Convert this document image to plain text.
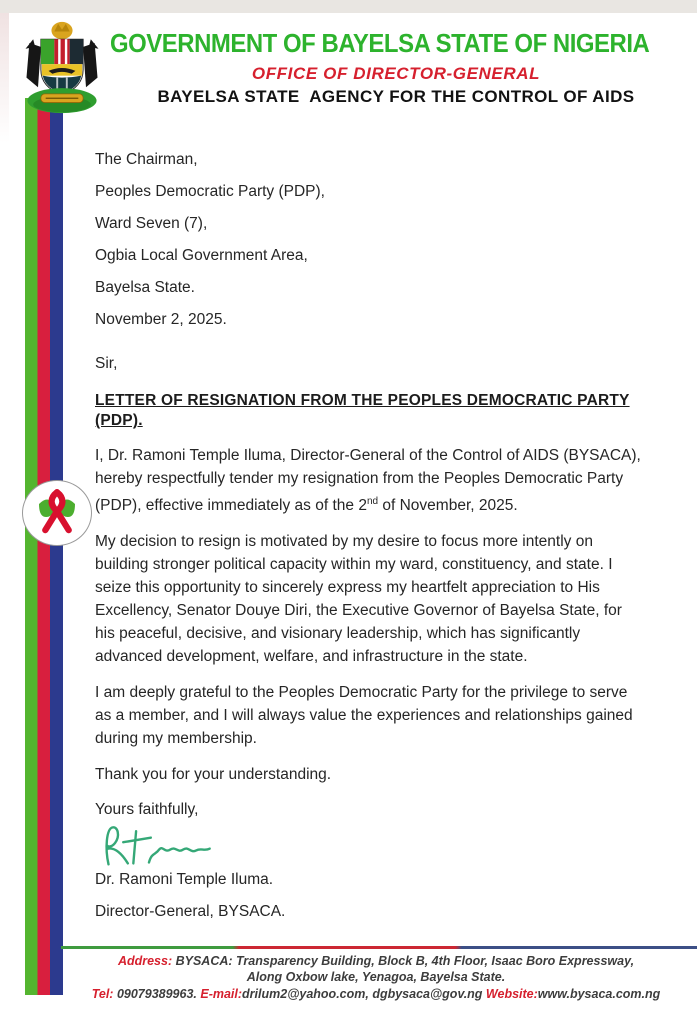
GOVERNMENT OF BAYELSA STATE OF NIGERIA
OFFICE OF DIRECTOR-GENERAL
BAYELSA STATE  AGENCY FOR THE CONTROL OF AIDS
The Chairman,
Peoples Democratic Party (PDP),
Ward Seven (7),
Ogbia Local Government Area,
Bayelsa State.
November 2, 2025.
Sir,
LETTER OF RESIGNATION FROM THE PEOPLES DEMOCRATIC PARTY (PDP).
I, Dr. Ramoni Temple Iluma, Director-General of the Control of AIDS (BYSACA), hereby respectfully tender my resignation from the Peoples Democratic Party (PDP), effective immediately as of the 2nd of November, 2025.
My decision to resign is motivated by my desire to focus more intently on building stronger political capacity within my ward, constituency, and state. I seize this opportunity to sincerely express my heartfelt appreciation to His Excellency, Senator Douye Diri, the Executive Governor of Bayelsa State, for his peaceful, decisive, and visionary leadership, which has significantly advanced development, welfare, and infrastructure in the state.
I am deeply grateful to the Peoples Democratic Party for the privilege to serve as a member, and I will always value the experiences and relationships gained during my membership.
Thank you for your understanding.
Yours faithfully,
Dr. Ramoni Temple Iluma.
Director-General, BYSACA.
Address: BYSACA: Transparency Building, Block B, 4th Floor, Isaac Boro Expressway,
Along Oxbow lake, Yenagoa, Bayelsa State.
Tel: 09079389963. E-mail:drilum2@yahoo.com, dgbysaca@gov.ng Website:www.bysaca.com.ng
